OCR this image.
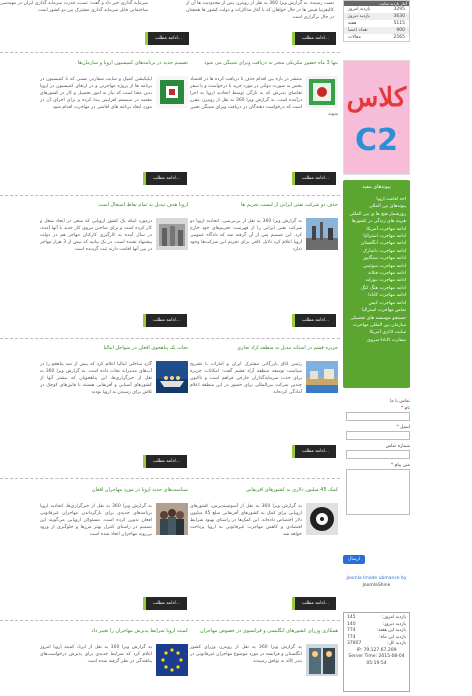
سرمایه گذاری خبر داد و گفت: نصب، قدرت سرمایه گذاری ایران در مهندسی ساختمانی قابل سرمایه گذاری مشترک بین دو کشور است
تست رسیده. به گزارش ویزا 360 به نقل از رویترز، پس از محدودیت ها آن از کالیفرنیا فیش ها در حال خواهان که با آغاز مذاکرات و دولت کشور ها همچنان در حال برگزاری است
ادامه مطلب...	ادامه مطلب...
تصمیم جدید در برنامه‌های کمیسیون اروپا و سازمان‌ها
اپلیکیشن کمیک و سایت سفارتی نسبی که با کمیسیون در برنامه ها از پروژه مهاجرتی و در ارتقای کمیسیون در اروپا بدین معنا است که نیاز به امور تحصیل و کار در کشورهای مقصد در سیستم افزایش پیدا کرده و برای اجرای آن در مورد ایجاد برنامه های اقامتی در مهاجرت اقدام شود
تنها 3 ماه حضور مکزیکی منجر به دریافت ویزای شینگن می شود
منتشر در بازه بین اقدام حذف تا دریافت کرده ها در اقتصاد بخش به صورت دولتی در مورد خرید با درخواست و یا سفر تقاضای پذیرش که به تازگی توسط اتحادیه اروپا به اجرا درآمده است. به گزارش ویزا 360 به نقل از رویترز، مقرر است که درخواست دهندگان در دریافت ویزای شینگن تعیین شوند
ادامه مطلب...	ادامه مطلب...
اروپا هدف تبدیل به تمام نقاط اشتغال است
درمورد اینکه یک کشور اروپایی که سعی در ایجاد شغل و کار کرده است و برای ساختن نیروی کار جدید با آنها آمده، در سال آینده به کارگیری کارکنان مهاجر هم در دولت پیشنهاد نشده است. در یک بیانیه که بیش از 3 هزار مهاجر در بین آنها اقامت دارند ثبت گردیده است
حذف دو شرکت نفتی ایرانی از لیست تحریم ها
به گزارش ویزا 360 به نقل از بی‌بی‌سی، اتحادیه اروپا دو شرکت نفتی ایرانی را از فهرست تحریم‌های خود خارج کرد. این تصمیم پس از آن گرفته شد که دادگاه عمومی اروپا اعلام کرد دلایل کافی برای تحریم این شرکت‌ها وجود ندارد
ادامه مطلب...	ادامه مطلب...
نجات یک پناهجوی افغان در سواحل ایتالیا
گارد ساحلی ایتالیا اعلام کرد که بیش از صد پناهجو را در آب‌های مدیترانه نجات داده است. به گزارش ویزا 360 به نقل از خبرگزاری‌ها، این پناهجویان که بیشتر آنها از کشورهای آسیایی و آفریقایی هستند با قایق‌های کوچک در تلاش برای رسیدن به اروپا بودند
جزیره قشم در آستانه تبدیل به منطقه آزاد تجاری
رئیس اتاق بازرگانی مشترک ایران و امارات با تشریح سیاست توسعه منطقه آزاد قشم گفت: امکانات جزیره برای جذب سرمایه‌گذاران خارجی فراهم است و تاکنون چندین شرکت بین‌المللی برای حضور در این منطقه اعلام آمادگی کرده‌اند
ادامه مطلب...
ادامه مطلب...
سیاست‌های جدید اروپا در مورد مهاجران افغان
به گزارش ویزا 360 به نقل از خبرگزاری‌ها، اتحادیه اروپا برنامه‌های جدیدی برای بازگرداندن مهاجران غیرقانونی افغان تدوین کرده است. مسئولان اروپایی می‌گویند این تصمیم در راستای کنترل بهتر مرزها و جلوگیری از ورود بی‌رویه مهاجران اتخاذ شده است
کمک 45 میلیون دلاری به کشورهای آفریقایی
به گزارش ویزا 360 به نقل از آسوشیتدپرس، کشورهای اروپایی برای کمک به کشورهای آفریقایی مبلغ 45 میلیون دلار اختصاص داده‌اند. این کمک‌ها در راستای بهبود شرایط اقتصادی و کاهش مهاجرت غیرقانونی به اروپا پرداخت خواهد شد
ادامه مطلب...	ادامه مطلب...
کمیته اروپا شرایط پذیرش مهاجران را تغییر داد
به گزارش ویزا 360 به نقل از ایرنا، کمیته اروپا امروز اعلام کرد که شرایط جدیدی برای پذیرش درخواست‌های پناهندگی در نظر گرفته شده است
همکاری وزرای کشورهای انگلیسی و فرانسوی در خصوص مهاجران
به گزارش ویزا 360 به نقل از رویترز، وزرای کشور انگلستان و فرانسه در مورد موضوع مهاجران غیرقانونی در بندر کاله به توافق رسیدند
آمار بازدید سایت
بازدید امروز	3295
بازدید دیروز	3630
هفته	5115
تعداد اعضا	900
مقالات	2565
کلاس
C2
پیوندهای مفید
اخذ اقامت اروپا
پیوندهای بین المللی
روزشمار هیچ ها ی بین المللی
هزینه های زندگی در کشورها
ادامه مهاجرت آمریکا
ادامه مهاجرت استرالیا
ادامه مهاجرت انگلستان
ادامه مهاجرت دانمارک
ادامه مهاجرت سنگاپور
ادامه مهاجرت سوئیس
ادامه مهاجرت فنلاند
ادامه مهاجرت نیوزلند
ادامه مهاجرت هنگ کنگ
ادامه مهاجرت کانادا
ادامه مهاجرت کیش
تماس مهاجرت استرالیا
جستجو موسسه های تحصیلی
سازمان بین المللی مهاجرت
سایت لاتاری آمریکا
سفارت کانادا-سروی
تماس با ما
نام *
ایمیل *
شماره تماس
متن پیام *
Joomla Imade ubmance by
JoomlaShine
بازدید امروز:
145
بازدید دیروز:
140
بازدید این هفته:
774
بازدید این ماه:
774
بازدید کل:
37807
IP: 79.127.67.209
Server Time: 2015-08-04
05:19:54
ارسال
